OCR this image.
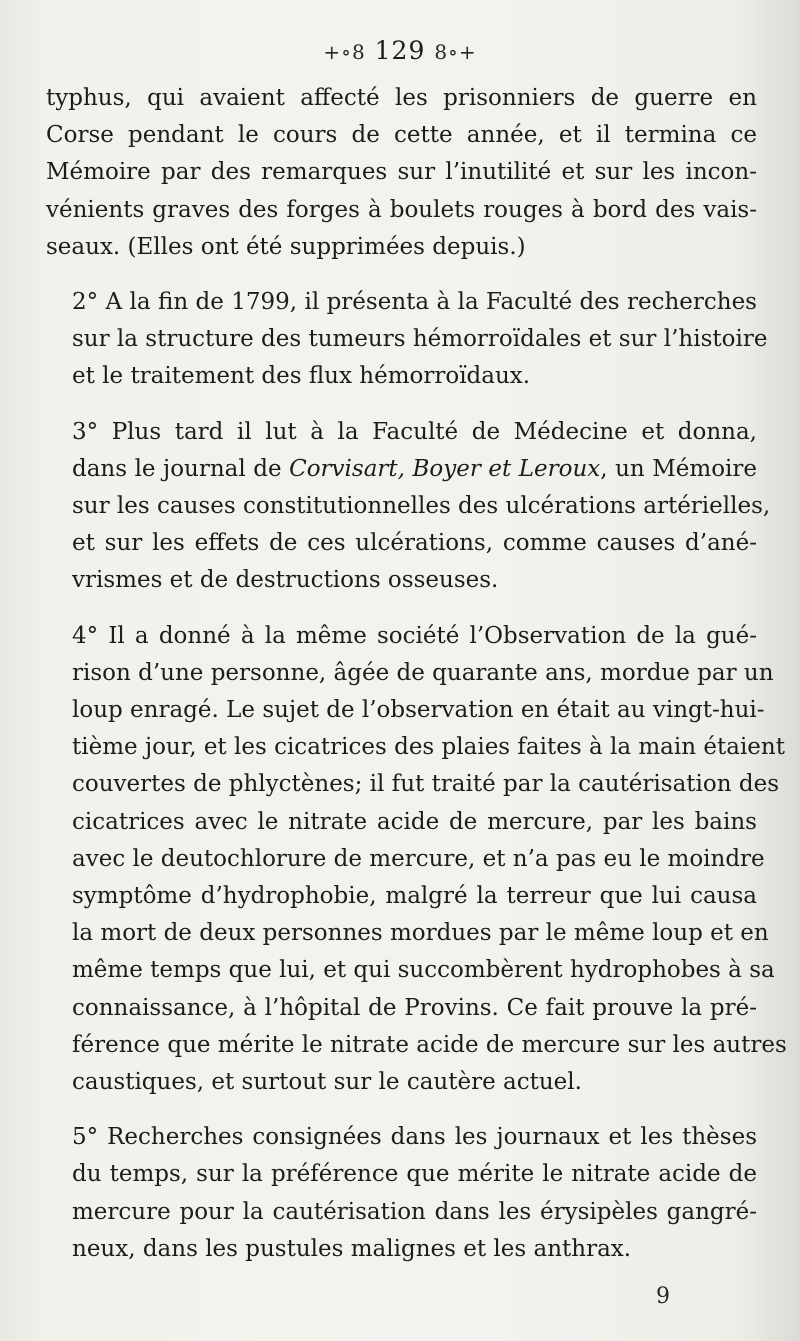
+∘8 129 8∘+

typhus, qui avaient affecté les prisonniers de guerre en
Corse pendant le cours de cette année, et il termina ce
Mémoire par des remarques sur l’inutilité et sur les incon-
vénients graves des forges à boulets rouges à bord des vais-
seaux. (Elles ont été supprimées depuis.)

2° A la fin de 1799, il présenta à la Faculté des recherches
sur la structure des tumeurs hémorroïdales et sur l’histoire
et le traitement des flux hémorroïdaux.

3° Plus tard il lut à la Faculté de Médecine et donna,
dans le journal de Corvisart, Boyer et Leroux, un Mémoire
sur les causes constitutionnelles des ulcérations artérielles,
et sur les effets de ces ulcérations, comme causes d’ané-
vrismes et de destructions osseuses.

4° Il a donné à la même société l’Observation de la gué-
rison d’une personne, âgée de quarante ans, mordue par un
loup enragé. Le sujet de l’observation en était au vingt-hui-
tième jour, et les cicatrices des plaies faites à la main étaient
couvertes de phlyctènes; il fut traité par la cautérisation des
cicatrices avec le nitrate acide de mercure, par les bains
avec le deutochlorure de mercure, et n’a pas eu le moindre
symptôme d’hydrophobie, malgré la terreur que lui causa
la mort de deux personnes mordues par le même loup et en
même temps que lui, et qui succombèrent hydrophobes à sa
connaissance, à l’hôpital de Provins. Ce fait prouve la pré-
férence que mérite le nitrate acide de mercure sur les autres
caustiques, et surtout sur le cautère actuel.

5° Recherches consignées dans les journaux et les thèses
du temps, sur la préférence que mérite le nitrate acide de
mercure pour la cautérisation dans les érysipèles gangré-
neux, dans les pustules malignes et les anthrax.

9
